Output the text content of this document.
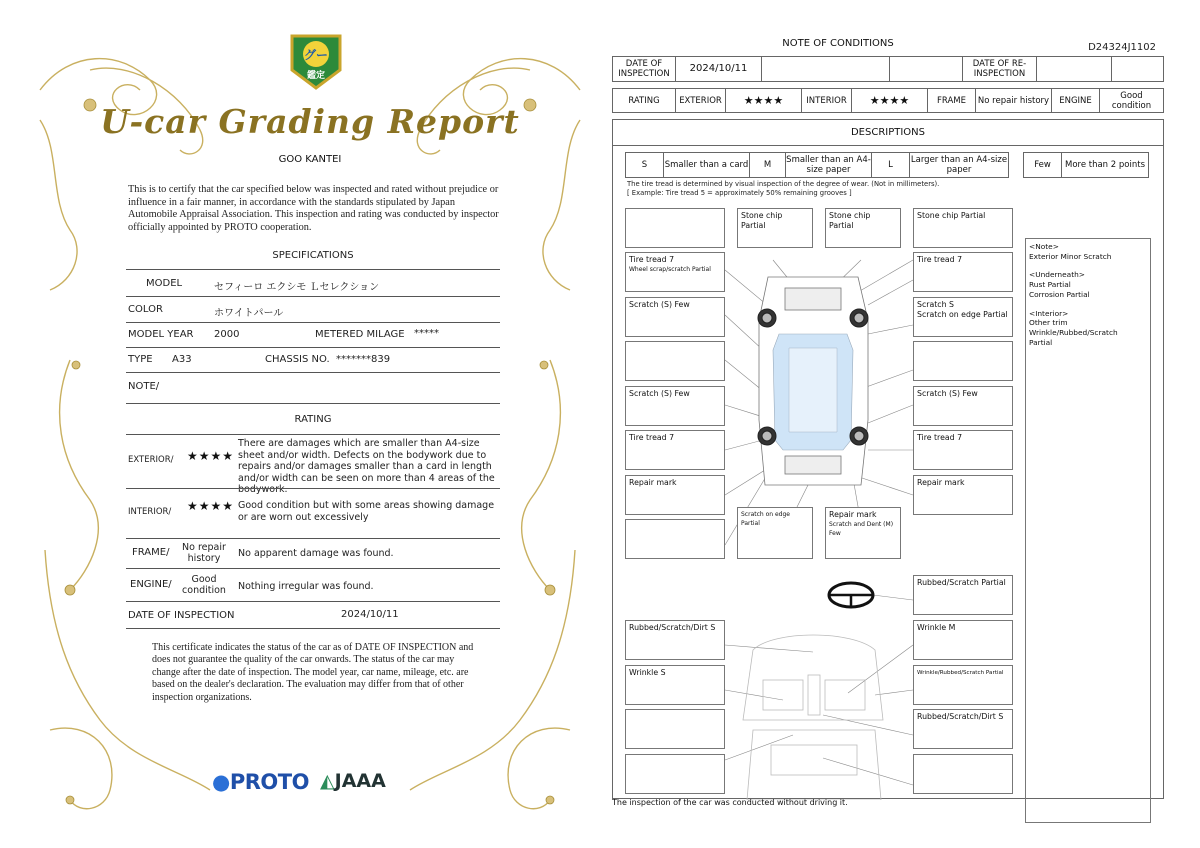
グー
鑑定
U-car Grading Report
GOO KANTEI
This is to certify that the car specified below was inspected and rated without prejudice or influence in a fair manner, in accordance with the standards stipulated by Japan Automobile Appraisal Association. This inspection and rating was conducted by inspector officially appointed by PROTO cooperation.
SPECIFICATIONS
MODEL	セフィーロ エクシモ Ｌセレクション
COLOR	ホワイトパール
MODEL YEAR 2000	METERED MILAGE *****
TYPE A33	CHASSIS NO. *******839
NOTE/
RATING
EXTERIOR/ ★★★★
There are damages which are smaller than A4-size sheet and/or width. Defects on the bodywork due to repairs and/or damages smaller than a card in length and/or width can be seen on more than 4 areas of the bodywork.
INTERIOR/ ★★★★ Good condition but with some areas showing damage or are worn out excessively
FRAME/	No repair history	No apparent damage was found.
ENGINE/	Good condition	Nothing irregular was found.
DATE OF INSPECTION	2024/10/11
This certificate indicates the status of the car as of DATE OF INSPECTION and does not guarantee the quality of the car onwards. The status of the car may change after the date of inspection. The model year, car name, mileage, etc. are based on the dealer's declaration. The evaluation may differ from that of other inspection organizations.
●PROTO ◭JAAA
NOTE OF CONDITIONS	D24324J1102
DATE OF INSPECTION	2024/10/11	DATE OF RE-INSPECTION
RATING	EXTERIOR	★★★★	INTERIOR	★★★★	FRAME	No repair history	ENGINE	Good condition
DESCRIPTIONS
S	Smaller than a card	M	Smaller than an A4-size paper	L	Larger than an A4-size paper	Few	More than 2 points
The tire tread is determined by visual inspection of the degree of wear. (Not in millimeters).
[ Example: Tire tread 5 = approximately 50% remaining grooves ]
Stone chip Partial
Stone chip Partial
Stone chip Partial
Tire tread 7
Wheel scrap/scratch Partial
Tire tread 7
Scratch (S) Few	Scratch S
Scratch on edge Partial
Scratch (S) Few	Scratch (S) Few
Tire tread 7	Tire tread 7
Repair mark	Repair mark
Scratch on edge Partial
Repair mark
Scratch and Dent (M) Few
Rubbed/Scratch Partial
Rubbed/Scratch/Dirt S	Wrinkle M
Wrinkle S	Wrinkle/Rubbed/Scratch Partial
Rubbed/Scratch/Dirt S
<Note>
Exterior Minor Scratch
<Underneath>
Rust Partial
Corrosion Partial
<Interior>
Other trim
Wrinkle/Rubbed/Scratch
Partial
The inspection of the car was conducted without driving it.
